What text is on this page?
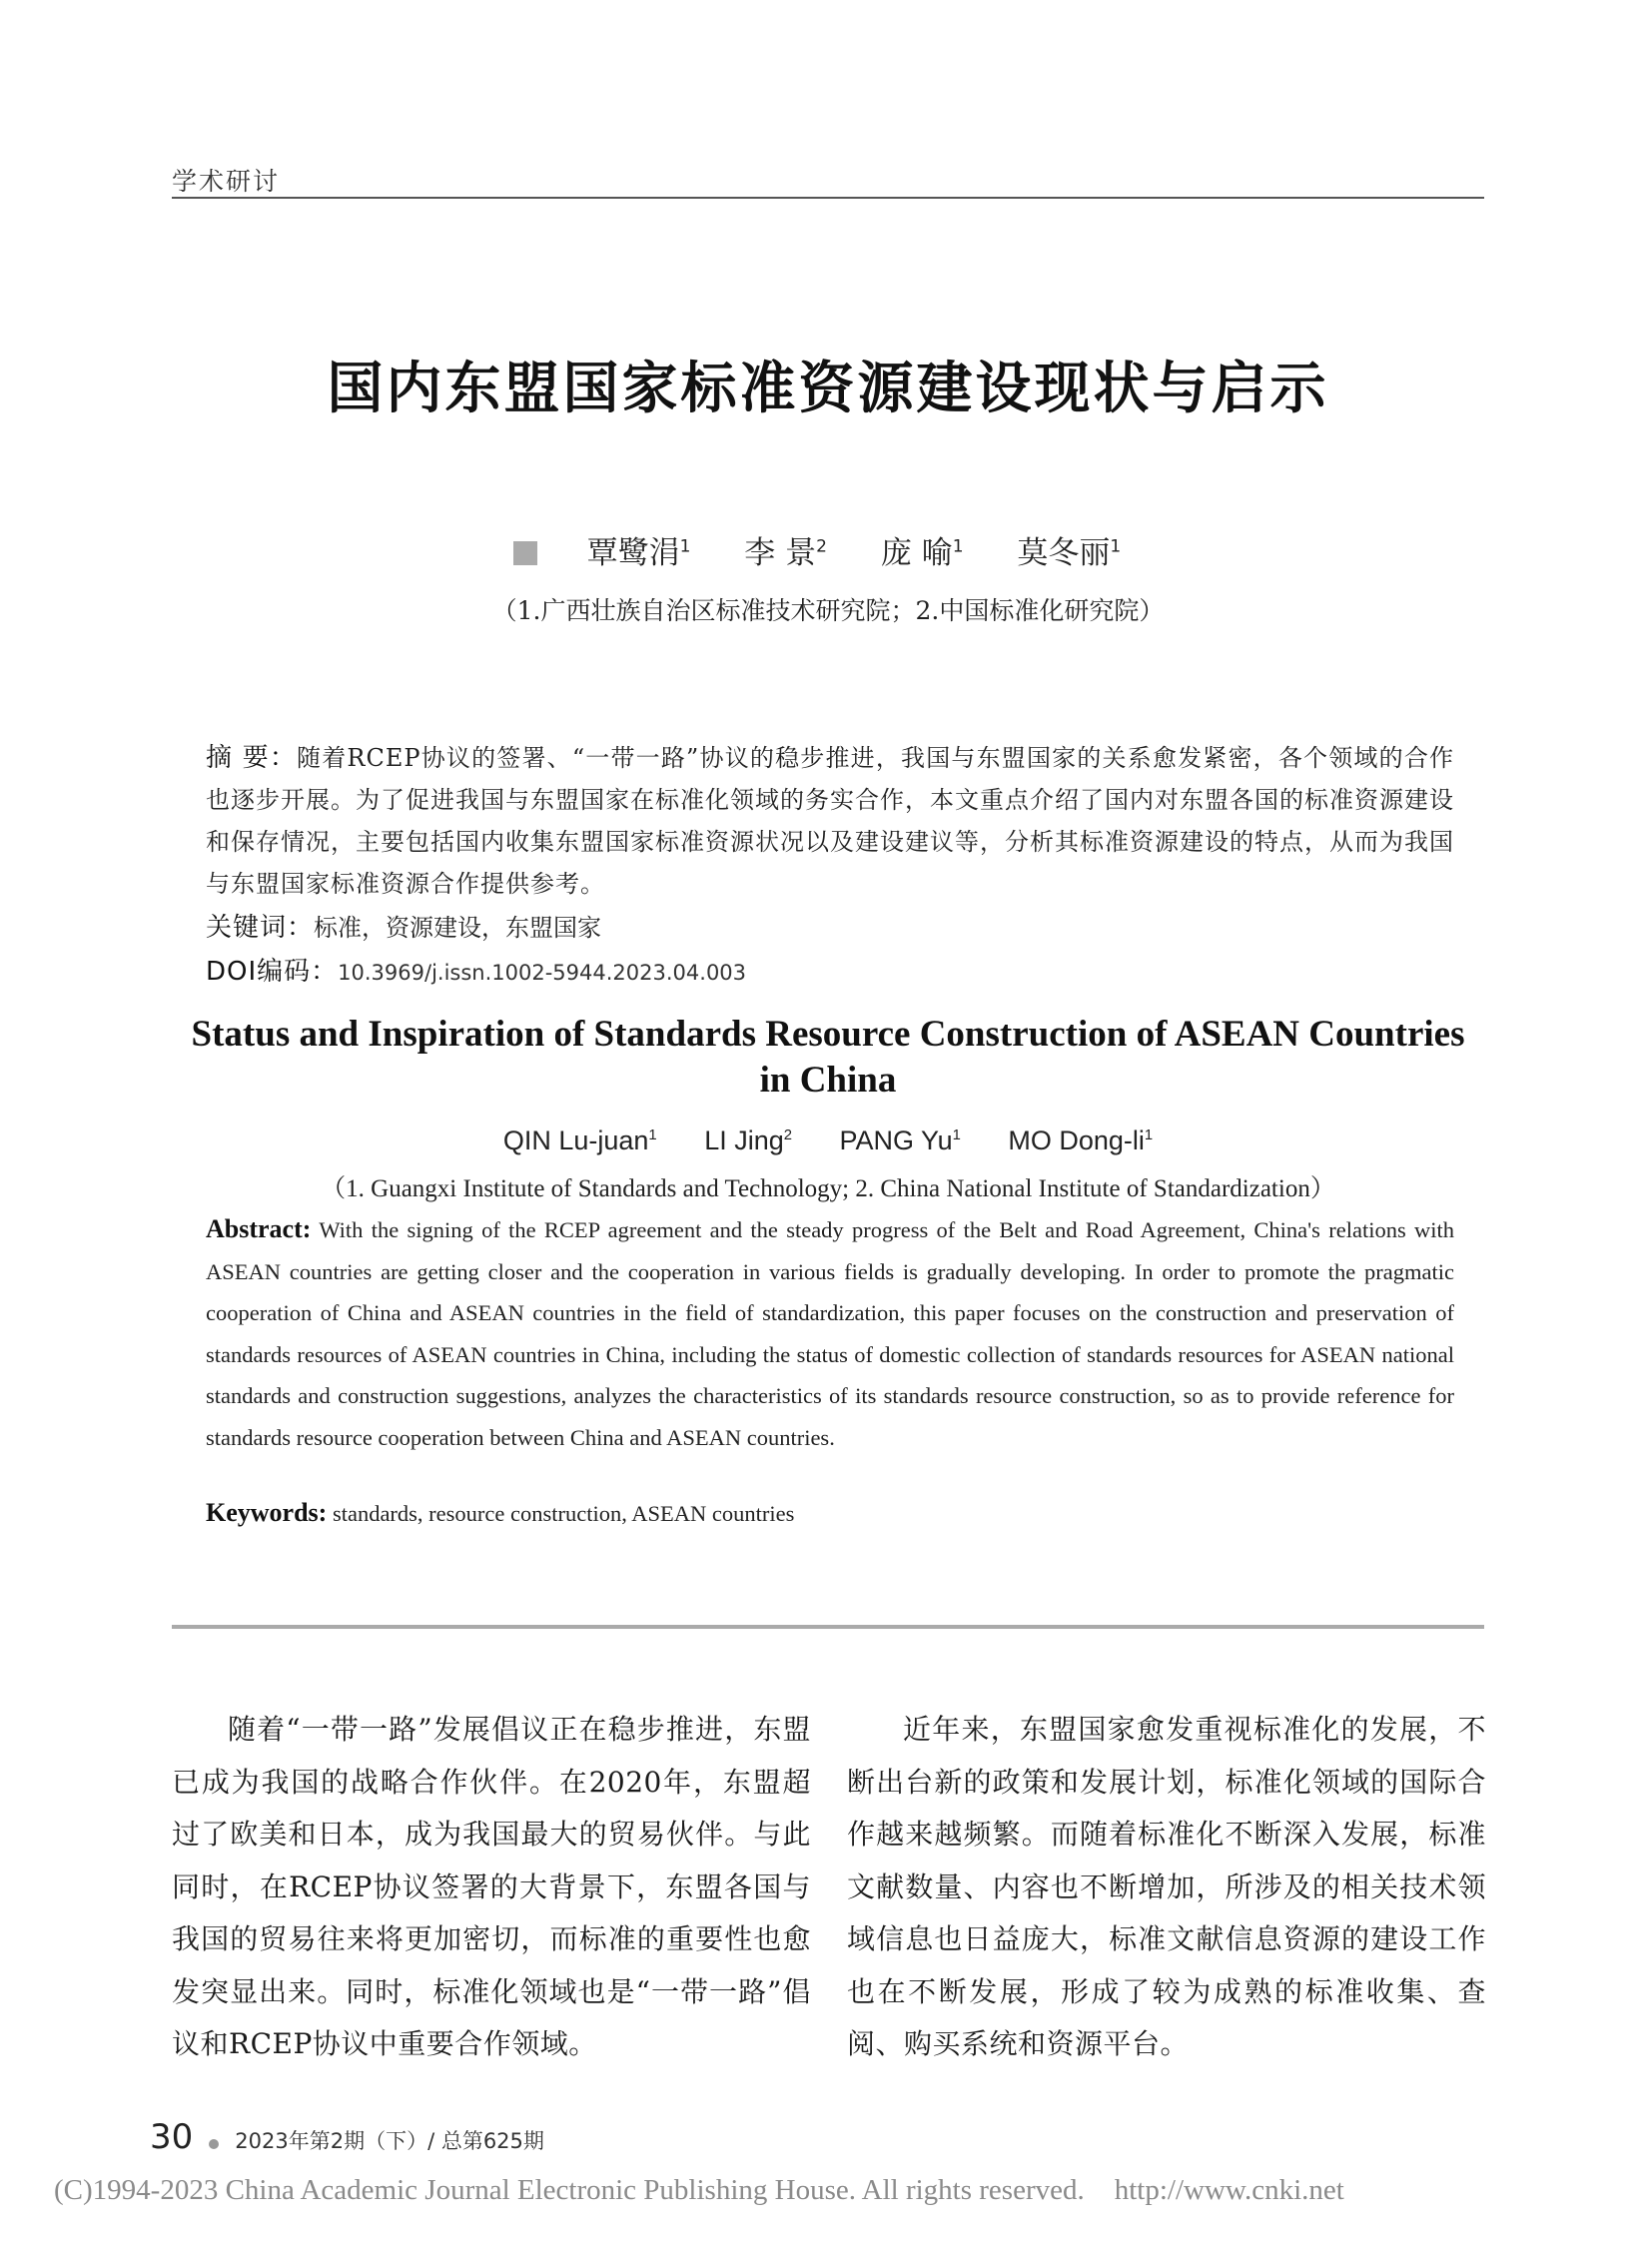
学术研讨
国内东盟国家标准资源建设现状与启示
覃鹭涓$^1$ 李 景$^2$ 庞 喻$^1$ 莫冬丽$^1$
（1.广西壮族自治区标准技术研究院；2.中国标准化研究院）
摘 要：随着RCEP协议的签署、“一带一路”协议的稳步推进，我国与东盟国家的关系愈发紧密，各个领域的合作也逐步开展。为了促进我国与东盟国家在标准化领域的务实合作，本文重点介绍了国内对东盟各国的标准资源建设和保存情况，主要包括国内收集东盟国家标准资源状况以及建设建议等，分析其标准资源建设的特点，从而为我国与东盟国家标准资源合作提供参考。
关键词：标准，资源建设，东盟国家
DOI编码：10.3969/j.issn.1002-5944.2023.04.003
Status and Inspiration of Standards Resource Construction of ASEAN Countries in China
QIN Lu-juan$^1$ LI Jing$^2$ PANG Yu$^1$ MO Dong-$li^1$
（1. Guangxi Institute of Standards and Technology; 2. China National Institute of Standardization）
Abstract: With the signing of the RCEP agreement and the steady progress of the Belt and Road Agreement, China's relations with ASEAN countries are getting closer and the cooperation in various fields is gradually developing. In order to promote the pragmatic cooperation of China and ASEAN countries in the field of standardization, this paper focuses on the construction and preservation of standards resources of ASEAN countries in China, including the status of domestic collection of standards resources for ASEAN national standards and construction suggestions, analyzes the characteristics of its standards resource construction, so as to provide reference for standards resource cooperation between China and ASEAN countries.
Keywords: standards, resource construction, ASEAN countries
随着“一带一路”发展倡议正在稳步推进，东盟已成为我国的战略合作伙伴。在2020年，东盟超过了欧美和日本，成为我国最大的贸易伙伴。与此同时，在RCEP协议签署的大背景下，东盟各国与我国的贸易往来将更加密切，而标准的重要性也愈发突显出来。同时，标准化领域也是“一带一路”倡议和RCEP协议中重要合作领域。
近年来，东盟国家愈发重视标准化的发展，不断出台新的政策和发展计划，标准化领域的国际合作越来越频繁。而随着标准化不断深入发展，标准文献数量、内容也不断增加，所涉及的相关技术领域信息也日益庞大，标准文献信息资源的建设工作也在不断发展，形成了较为成熟的标准收集、查阅、购买系统和资源平台。
30 2023年第2期（下）/ 总第625期
(C)1994-2023 China Academic Journal Electronic Publishing House. All rights reserved. http://www.cnki.net
